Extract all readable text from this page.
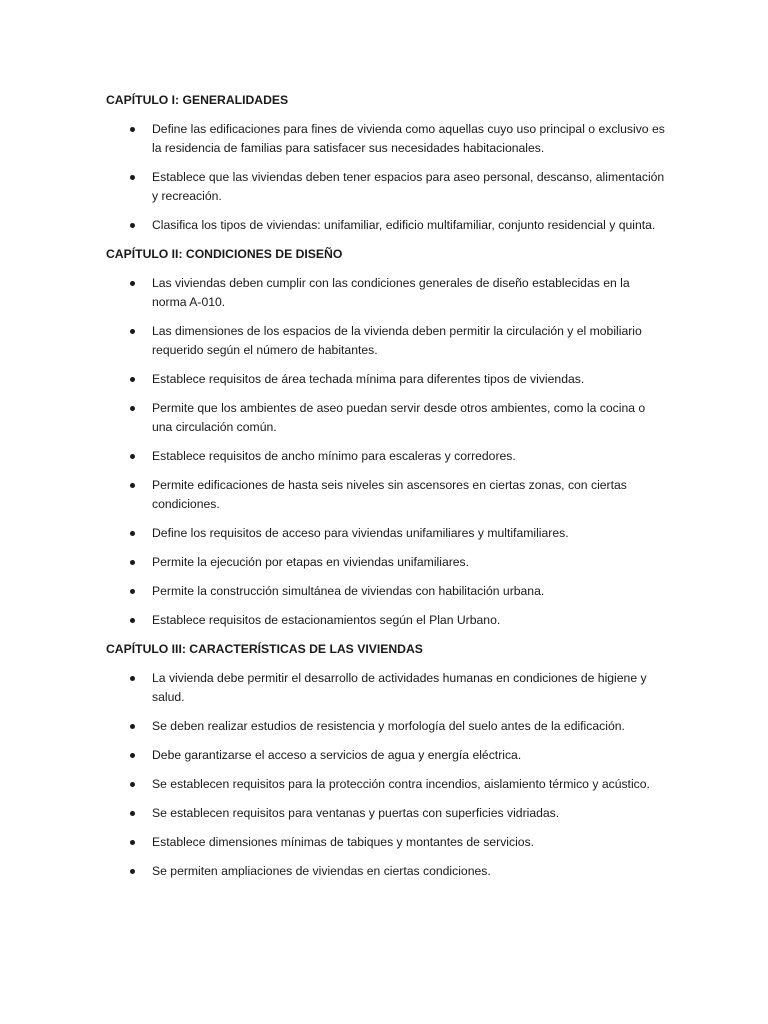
CAPÍTULO I: GENERALIDADES
Define las edificaciones para fines de vivienda como aquellas cuyo uso principal o exclusivo es la residencia de familias para satisfacer sus necesidades habitacionales.
Establece que las viviendas deben tener espacios para aseo personal, descanso, alimentación y recreación.
Clasifica los tipos de viviendas: unifamiliar, edificio multifamiliar, conjunto residencial y quinta.
CAPÍTULO II: CONDICIONES DE DISEÑO
Las viviendas deben cumplir con las condiciones generales de diseño establecidas en la norma A-010.
Las dimensiones de los espacios de la vivienda deben permitir la circulación y el mobiliario requerido según el número de habitantes.
Establece requisitos de área techada mínima para diferentes tipos de viviendas.
Permite que los ambientes de aseo puedan servir desde otros ambientes, como la cocina o una circulación común.
Establece requisitos de ancho mínimo para escaleras y corredores.
Permite edificaciones de hasta seis niveles sin ascensores en ciertas zonas, con ciertas condiciones.
Define los requisitos de acceso para viviendas unifamiliares y multifamiliares.
Permite la ejecución por etapas en viviendas unifamiliares.
Permite la construcción simultánea de viviendas con habilitación urbana.
Establece requisitos de estacionamientos según el Plan Urbano.
CAPÍTULO III: CARACTERÍSTICAS DE LAS VIVIENDAS
La vivienda debe permitir el desarrollo de actividades humanas en condiciones de higiene y salud.
Se deben realizar estudios de resistencia y morfología del suelo antes de la edificación.
Debe garantizarse el acceso a servicios de agua y energía eléctrica.
Se establecen requisitos para la protección contra incendios, aislamiento térmico y acústico.
Se establecen requisitos para ventanas y puertas con superficies vidriadas.
Establece dimensiones mínimas de tabiques y montantes de servicios.
Se permiten ampliaciones de viviendas en ciertas condiciones.
